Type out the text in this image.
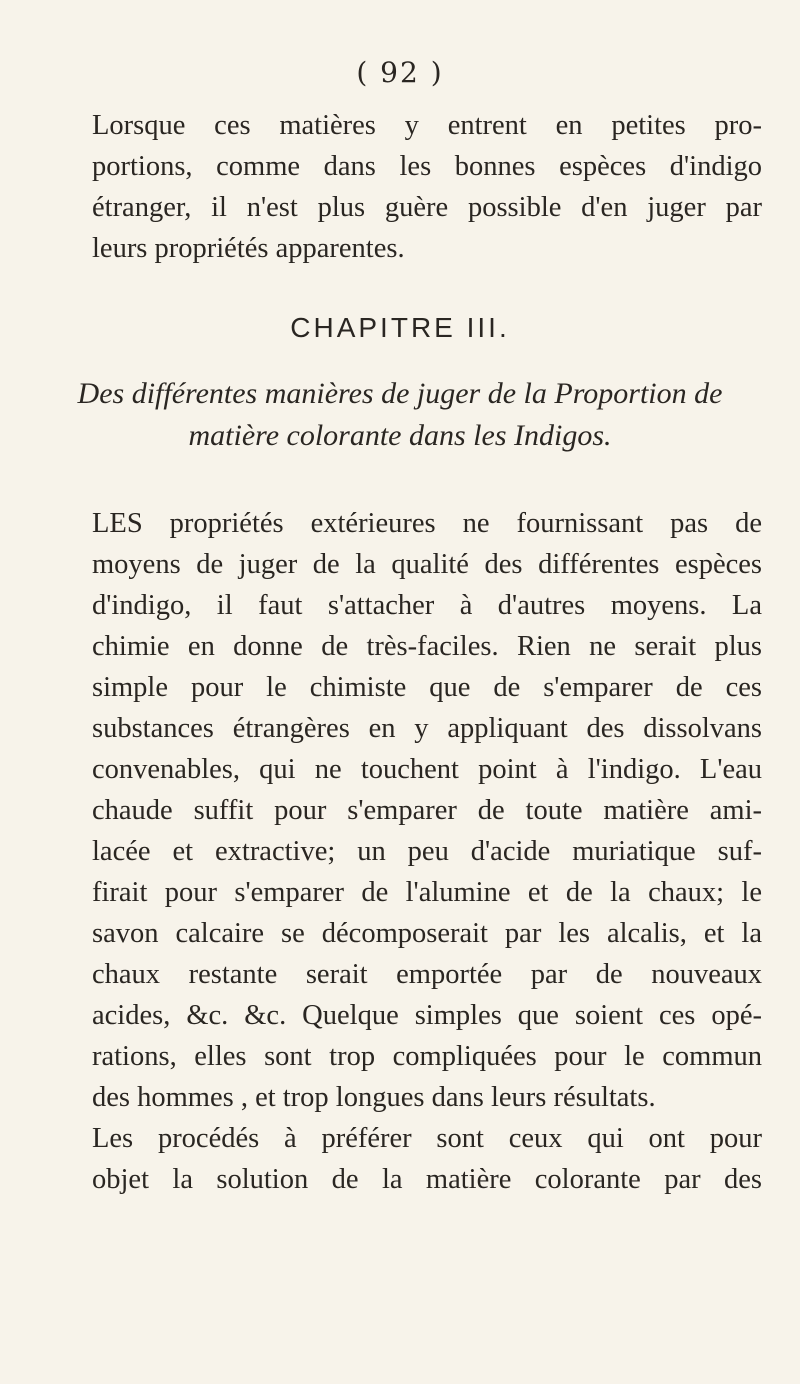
( 92 )
Lorsque ces matières y entrent en petites pro-
portions, comme dans les bonnes espèces d'indigo
étranger, il n'est plus guère possible d'en juger par
leurs propriétés apparentes.
CHAPITRE III.
Des différentes manières de juger de la Proportion de
matière colorante dans les Indigos.
LES propriétés extérieures ne fournissant pas de
moyens de juger de la qualité des différentes espèces
d'indigo, il faut s'attacher à d'autres moyens. La
chimie en donne de très-faciles. Rien ne serait plus
simple pour le chimiste que de s'emparer de ces
substances étrangères en y appliquant des dissolvans
convenables, qui ne touchent point à l'indigo. L'eau
chaude suffit pour s'emparer de toute matière ami-
lacée et extractive; un peu d'acide muriatique suf-
firait pour s'emparer de l'alumine et de la chaux; le
savon calcaire se décomposerait par les alcalis, et la
chaux restante serait emportée par de nouveaux
acides, &c. &c. Quelque simples que soient ces opé-
rations, elles sont trop compliquées pour le commun
des hommes , et trop longues dans leurs résultats.
Les procédés à préférer sont ceux qui ont pour
objet la solution de la matière colorante par des
